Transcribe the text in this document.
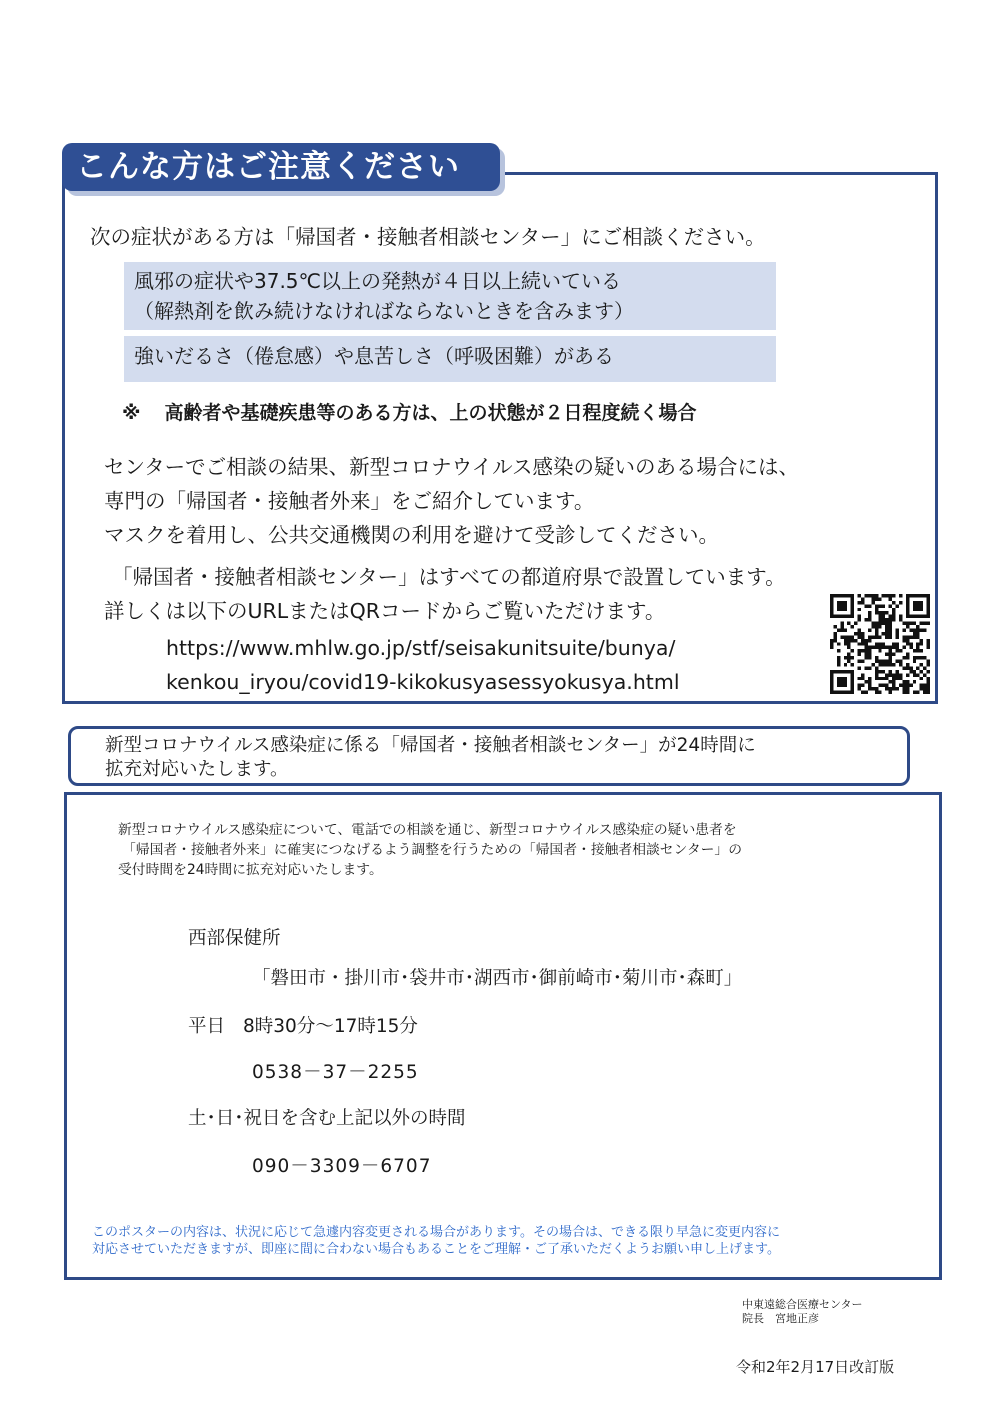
こんな方はご注意ください
次の症状がある方は「帰国者・接触者相談センター」にご相談ください。
風邪の症状や37.5℃以上の発熱が４日以上続いている
（解熱剤を飲み続けなければならないときを含みます）
強いだるさ（倦怠感）や息苦しさ（呼吸困難）がある
※ 高齢者や基礎疾患等のある方は、上の状態が２日程度続く場合
センターでご相談の結果、新型コロナウイルス感染の疑いのある場合には、
専門の「帰国者・接触者外来」をご紹介しています。
マスクを着用し、公共交通機関の利用を避けて受診してください。
「帰国者・接触者相談センター」はすべての都道府県で設置しています。
詳しくは以下のURLまたはQRコードからご覧いただけます。
https://www.mhlw.go.jp/stf/seisakunitsuite/bunya/
kenkou_iryou/covid19-kikokusyasessyokusya.html
新型コロナウイルス感染症に係る「帰国者・接触者相談センター」が24時間に
拡充対応いたします。
新型コロナウイルス感染症について、電話での相談を通じ、新型コロナウイルス感染症の疑い患者を
「帰国者・接触者外来」に確実につなげるよう調整を行うための「帰国者・接触者相談センター」の
受付時間を24時間に拡充対応いたします。
西部保健所
「磐田市・掛川市･袋井市･湖西市･御前崎市･菊川市･森町」
平日 8時30分～17時15分
0538－37－2255
土･日･祝日を含む上記以外の時間
090－3309－6707
このポスターの内容は、状況に応じて急遽内容変更される場合があります。その場合は、できる限り早急に変更内容に
対応させていただきますが、即座に間に合わない場合もあることをご理解・ご了承いただくようお願い申し上げます。
中東遠総合医療センター
院長　宮地正彦
令和2年2月17日改訂版
